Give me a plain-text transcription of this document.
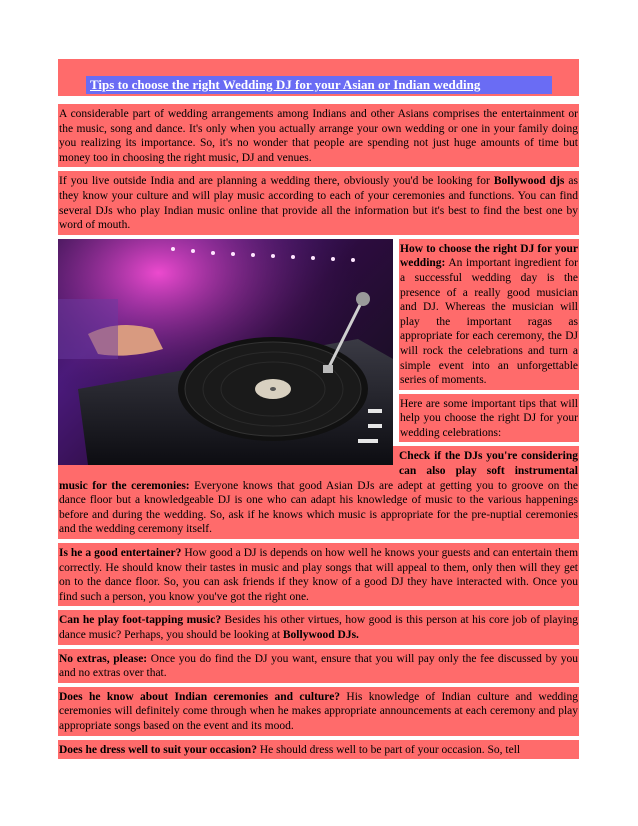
Tips to choose the right Wedding DJ for your Asian or Indian wedding
A considerable part of wedding arrangements among Indians and other Asians comprises the entertainment or the music, song and dance. It's only when you actually arrange your own wedding or one in your family doing you realizing its importance. So, it's no wonder that people are spending not just huge amounts of time but money too in choosing the right music, DJ and venues.
If you live outside India and are planning a wedding there, obviously you'd be looking for Bollywood djs as they know your culture and will play music according to each of your ceremonies and functions. You can find several DJs who play Indian music online that provide all the information but it's best to find the best one by word of mouth.
How to choose the right DJ for your wedding: An important ingredient for a successful wedding day is the presence of a really good musician and DJ. Whereas the musician will play the important ragas as appropriate for each ceremony, the DJ will rock the celebrations and turn a simple event into an unforgettable series of moments.
Here are some important tips that will help you choose the right DJ for your wedding celebrations:
Check if the DJs you're considering can also play soft instrumental music for the ceremonies: Everyone knows that good Asian DJs are adept at getting you to groove on the dance floor but a knowledgeable DJ is one who can adapt his knowledge of music to the various happenings before and during the wedding. So, ask if he knows which music is appropriate for the pre-nuptial ceremonies and the wedding ceremony itself.
Is he a good entertainer? How good a DJ is depends on how well he knows your guests and can entertain them correctly. He should know their tastes in music and play songs that will appeal to them, only then will they get on to the dance floor. So, you can ask friends if they know of a good DJ they have interacted with. Once you find such a person, you know you've got the right one.
Can he play foot-tapping music? Besides his other virtues, how good is this person at his core job of playing dance music? Perhaps, you should be looking at Bollywood DJs.
No extras, please: Once you do find the DJ you want, ensure that you will pay only the fee discussed by you and no extras over that.
Does he know about Indian ceremonies and culture? His knowledge of Indian culture and wedding ceremonies will definitely come through when he makes appropriate announcements at each ceremony and play appropriate songs based on the event and its mood.
Does he dress well to suit your occasion? He should dress well to be part of your occasion. So, tell
